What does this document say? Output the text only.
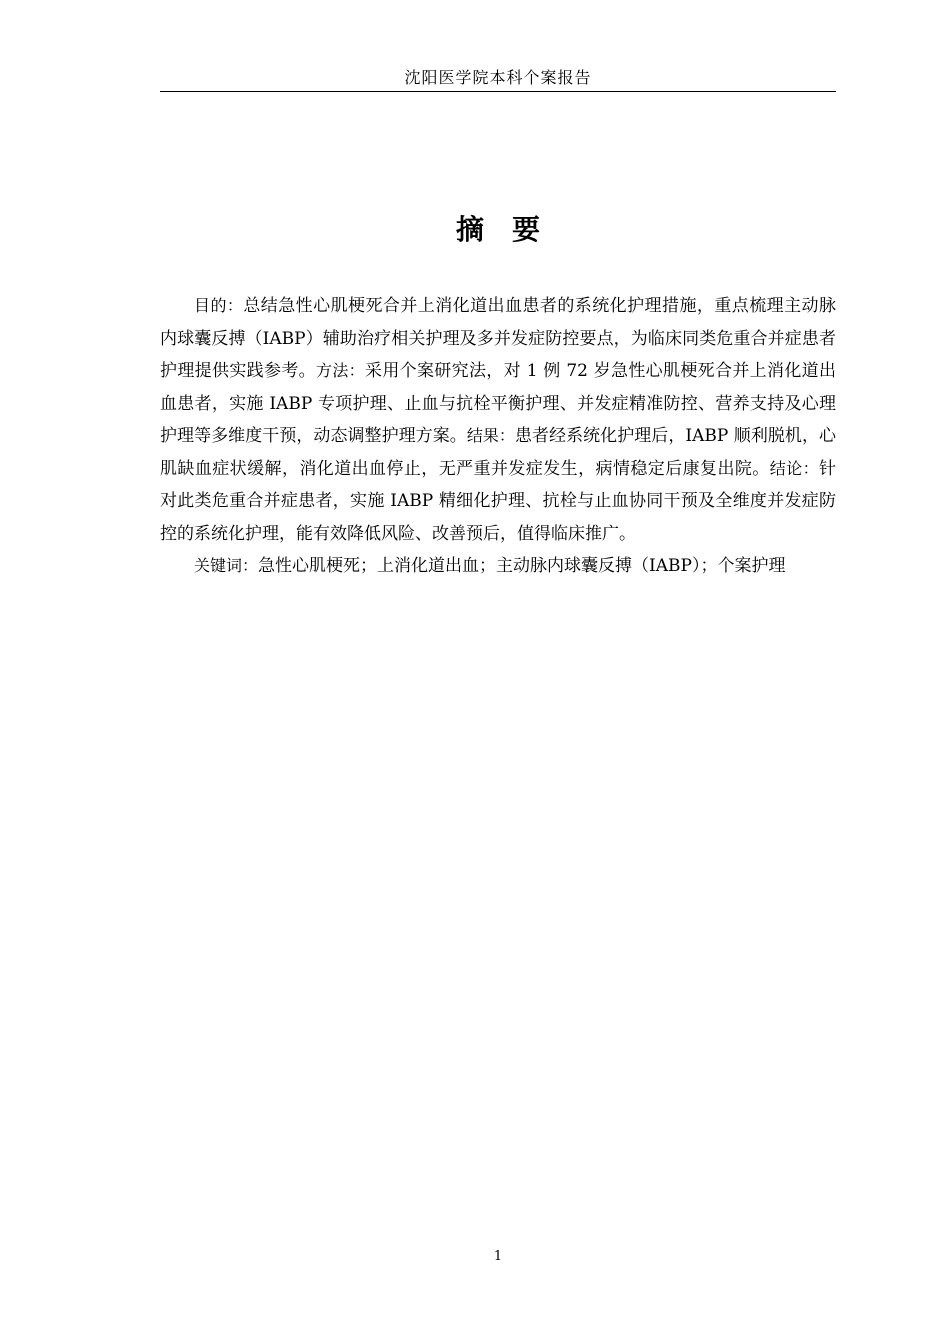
沈阳医学院本科个案报告
摘 要

目的：总结急性心肌梗死合并上消化道出血患者的系统化护理措施，重点梳理主动脉内球囊反搏（IABP）辅助治疗相关护理及多并发症防控要点，为临床同类危重合并症患者护理提供实践参考。方法：采用个案研究法，对 1 例 72 岁急性心肌梗死合并上消化道出血患者，实施 IABP 专项护理、止血与抗栓平衡护理、并发症精准防控、营养支持及心理护理等多维度干预，动态调整护理方案。结果：患者经系统化护理后，IABP 顺利脱机，心肌缺血症状缓解，消化道出血停止，无严重并发症发生，病情稳定后康复出院。结论：针对此类危重合并症患者，实施 IABP 精细化护理、抗栓与止血协同干预及全维度并发症防控的系统化护理，能有效降低风险、改善预后，值得临床推广。

关键词：急性心肌梗死；上消化道出血；主动脉内球囊反搏（IABP）；个案护理

1
